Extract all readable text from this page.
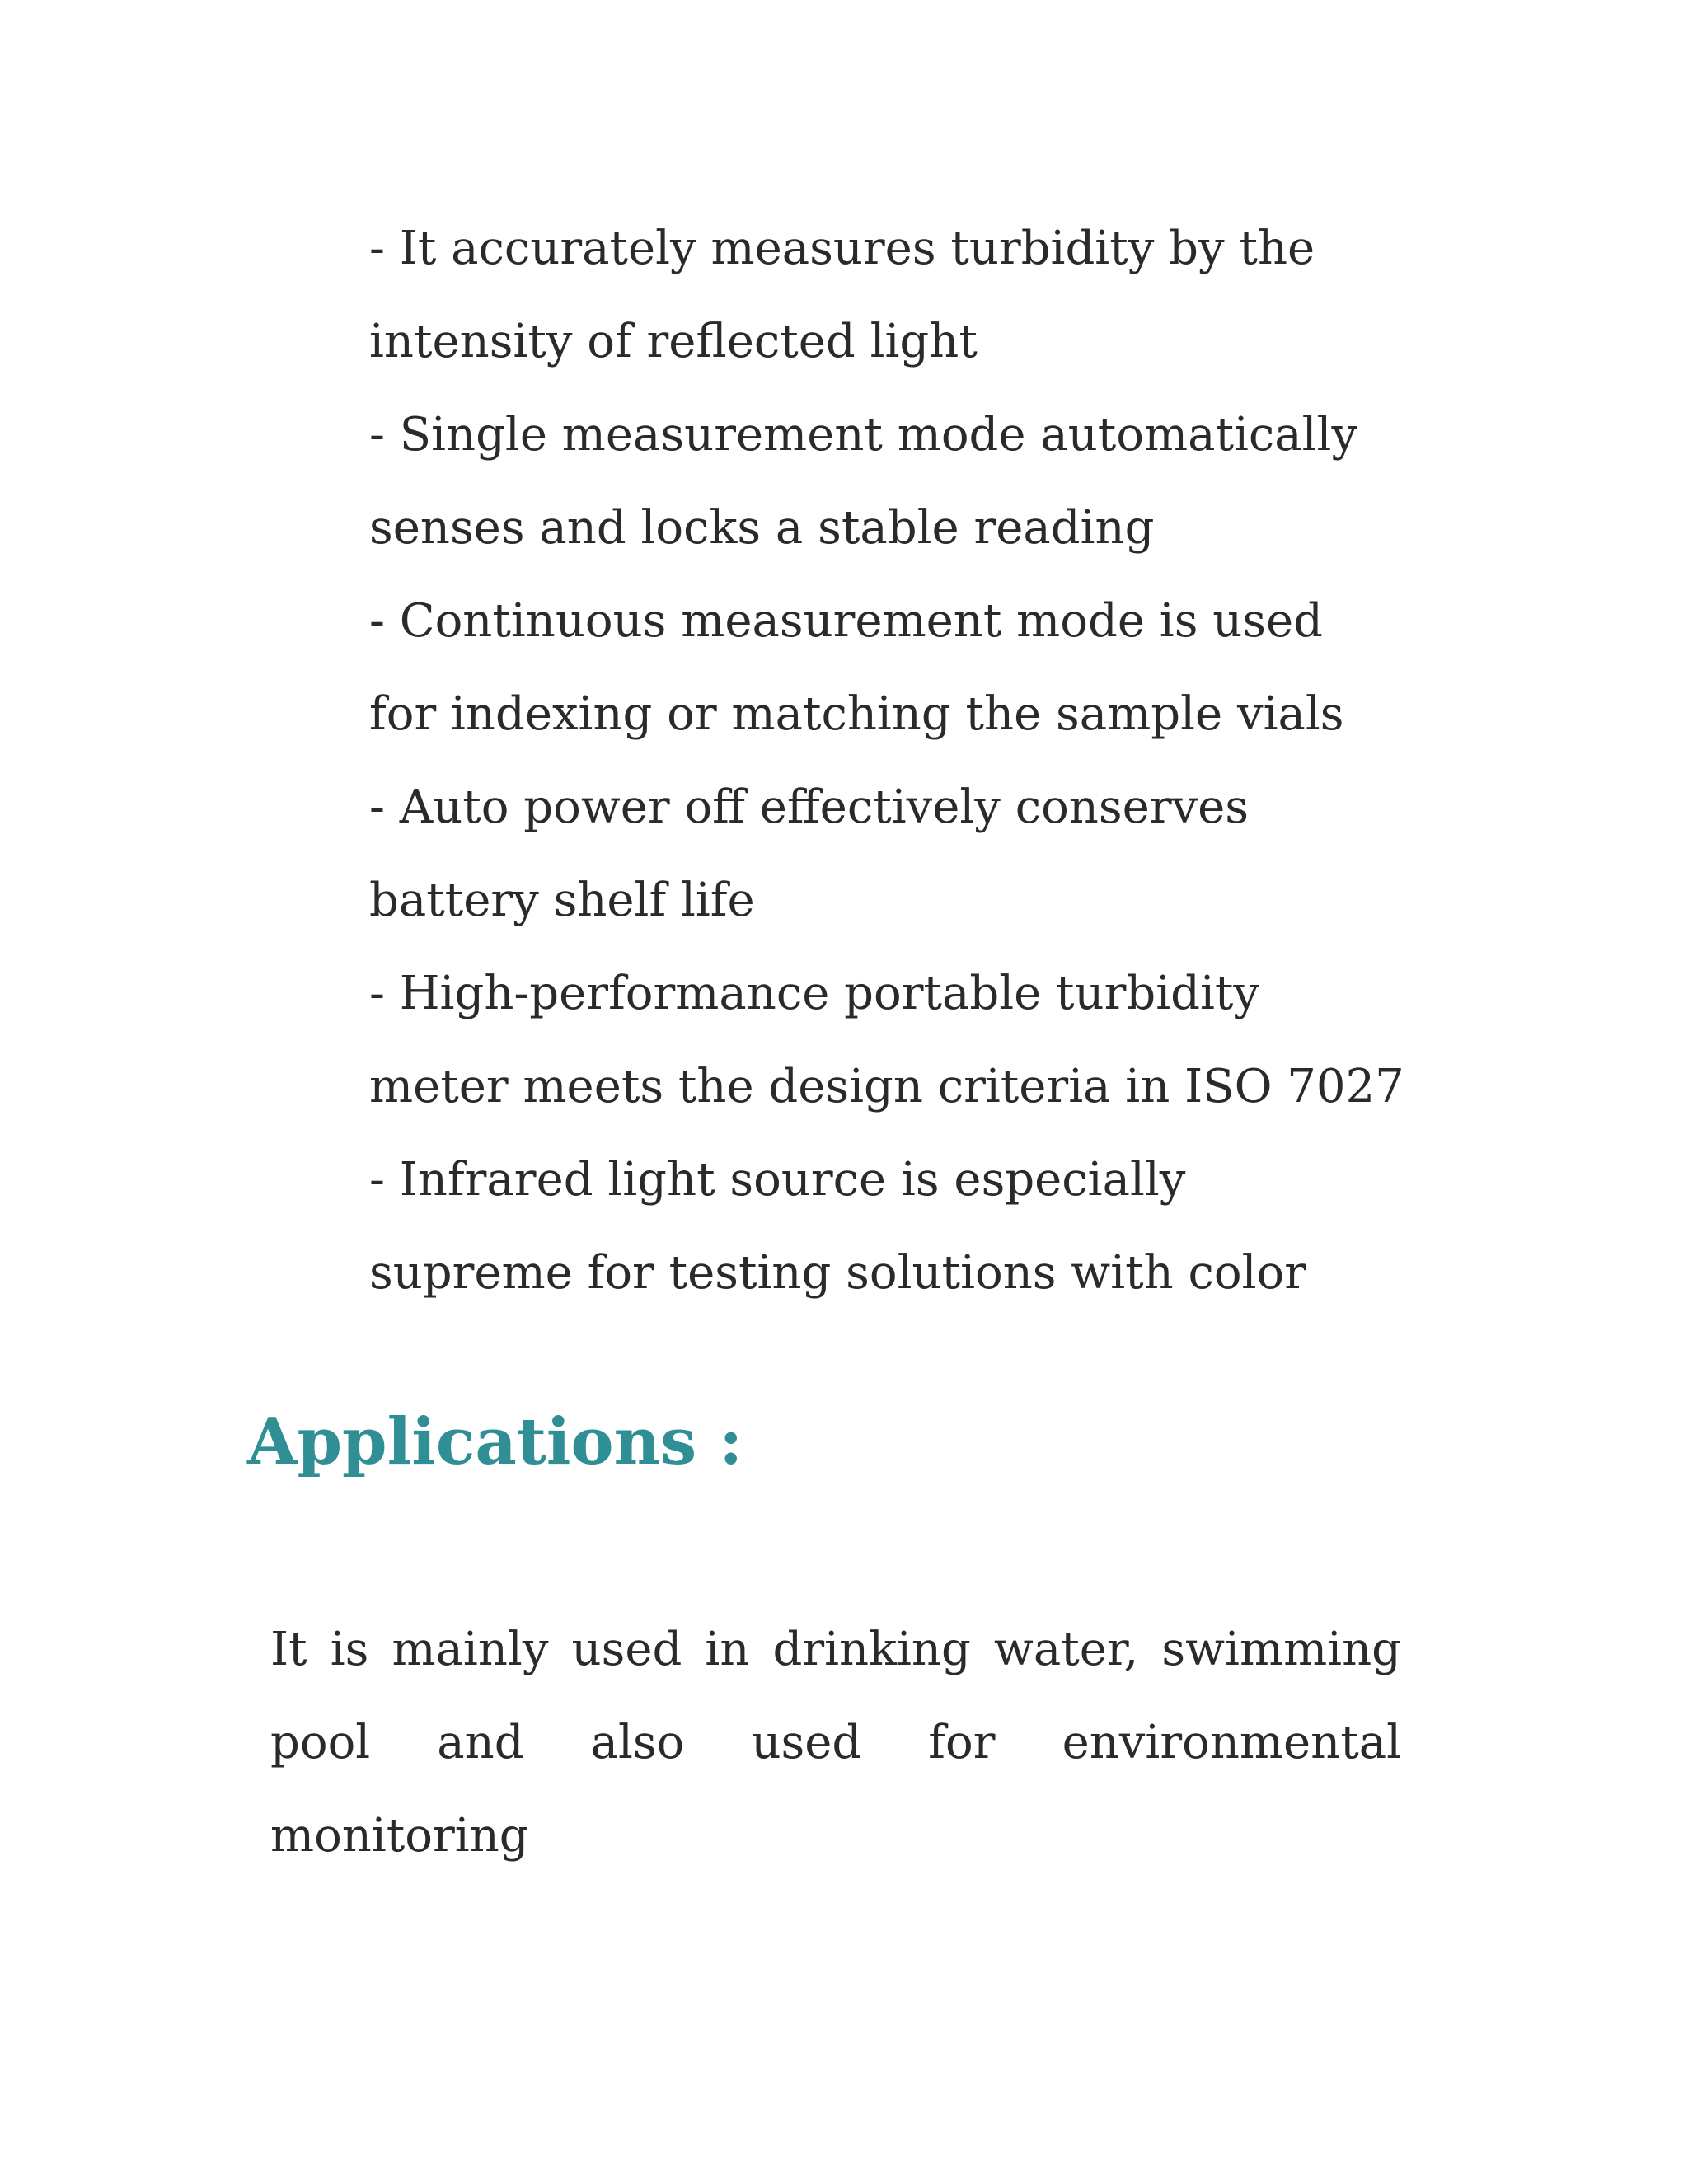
- It accurately measures turbidity by the
intensity of reflected light
- Single measurement mode automatically
senses and locks a stable reading
- Continuous measurement mode is used
for indexing or matching the sample vials
- Auto power off effectively conserves
battery shelf life
- High-performance portable turbidity
meter meets the design criteria in ISO 7027
- Infrared light source is especially
supreme for testing solutions with color
Applications :
It is mainly used in drinking water, swimming pool and also used for environmental monitoring
